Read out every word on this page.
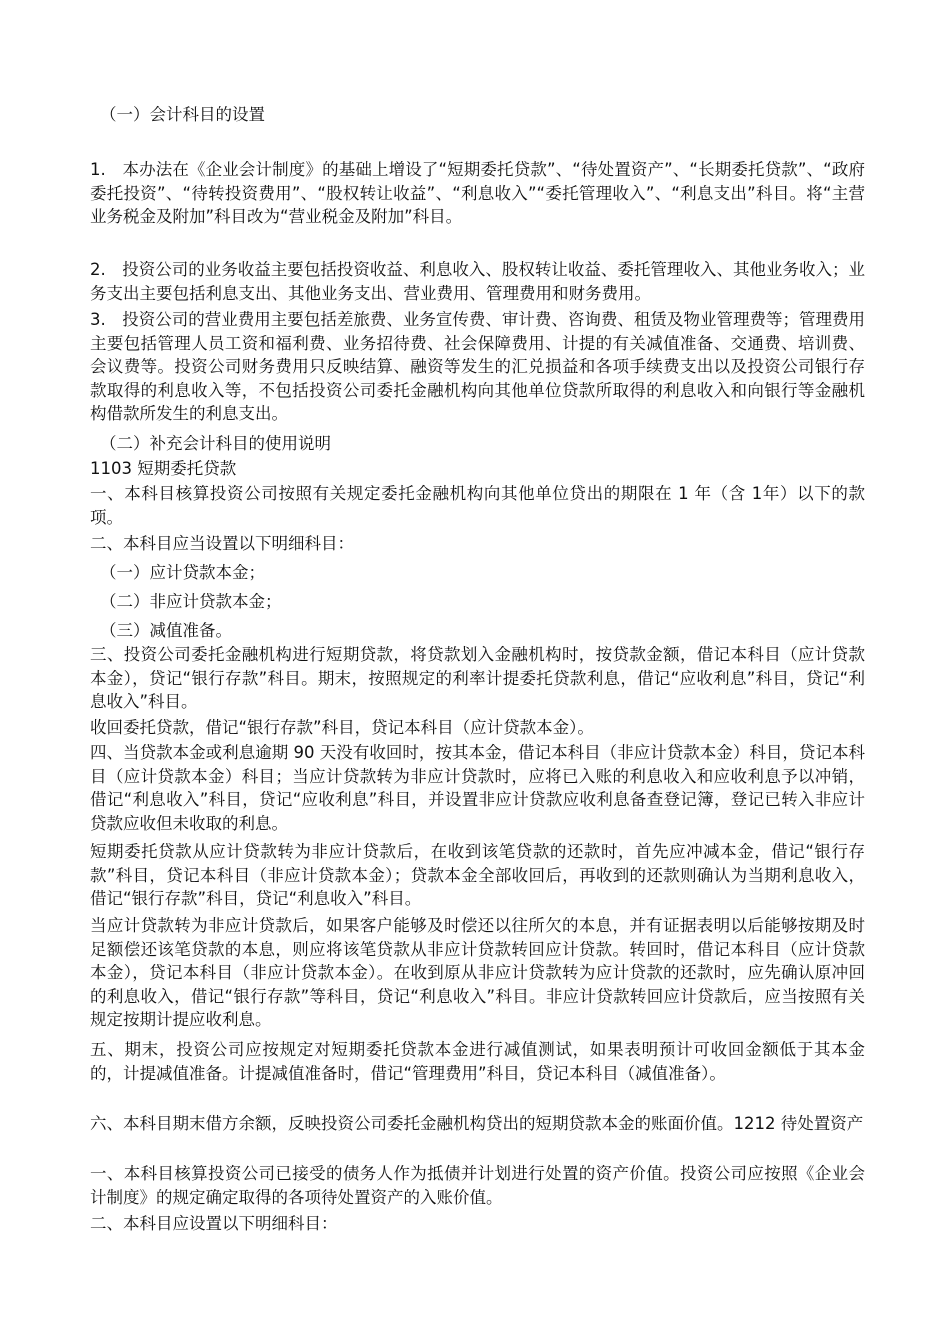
（一）会计科目的设置
1.　本办法在《企业会计制度》的基础上增设了“短期委托贷款”、“待处置资产”、“长期委托贷款”、“政府委托投资”、“待转投资费用”、“股权转让收益”、“利息收入”“委托管理收入”、“利息支出”科目。将“主营业务税金及附加”科目改为“营业税金及附加”科目。
2.　投资公司的业务收益主要包括投资收益、利息收入、股权转让收益、委托管理收入、其他业务收入；业务支出主要包括利息支出、其他业务支出、营业费用、管理费用和财务费用。
3.　投资公司的营业费用主要包括差旅费、业务宣传费、审计费、咨询费、租赁及物业管理费等；管理费用主要包括管理人员工资和福利费、业务招待费、社会保障费用、计提的有关减值准备、交通费、培训费、会议费等。投资公司财务费用只反映结算、融资等发生的汇兑损益和各项手续费支出以及投资公司银行存款取得的利息收入等，不包括投资公司委托金融机构向其他单位贷款所取得的利息收入和向银行等金融机构借款所发生的利息支出。
（二）补充会计科目的使用说明
1103 短期委托贷款
一、本科目核算投资公司按照有关规定委托金融机构向其他单位贷出的期限在 1 年（含 1年）以下的款项。
二、本科目应当设置以下明细科目：
（一）应计贷款本金；
（二）非应计贷款本金；
（三）减值准备。
三、投资公司委托金融机构进行短期贷款，将贷款划入金融机构时，按贷款金额，借记本科目（应计贷款本金），贷记“银行存款”科目。期末，按照规定的利率计提委托贷款利息，借记“应收利息”科目，贷记“利息收入”科目。
收回委托贷款，借记“银行存款”科目，贷记本科目（应计贷款本金）。
四、当贷款本金或利息逾期 90 天没有收回时，按其本金，借记本科目（非应计贷款本金）科目，贷记本科目（应计贷款本金）科目；当应计贷款转为非应计贷款时，应将已入账的利息收入和应收利息予以冲销，借记“利息收入”科目，贷记“应收利息”科目，并设置非应计贷款应收利息备查登记簿，登记已转入非应计贷款应收但未收取的利息。
短期委托贷款从应计贷款转为非应计贷款后，在收到该笔贷款的还款时，首先应冲减本金，借记“银行存款”科目，贷记本科目（非应计贷款本金）；贷款本金全部收回后，再收到的还款则确认为当期利息收入，借记“银行存款”科目，贷记“利息收入”科目。
当应计贷款转为非应计贷款后，如果客户能够及时偿还以往所欠的本息，并有证据表明以后能够按期及时足额偿还该笔贷款的本息，则应将该笔贷款从非应计贷款转回应计贷款。转回时，借记本科目（应计贷款本金），贷记本科目（非应计贷款本金）。在收到原从非应计贷款转为应计贷款的还款时，应先确认原冲回的利息收入，借记“银行存款”等科目，贷记“利息收入”科目。非应计贷款转回应计贷款后，应当按照有关规定按期计提应收利息。
五、期末，投资公司应按规定对短期委托贷款本金进行减值测试，如果表明预计可收回金额低于其本金的，计提减值准备。计提减值准备时，借记“管理费用”科目，贷记本科目（减值准备）。
六、本科目期末借方余额，反映投资公司委托金融机构贷出的短期贷款本金的账面价值。1212 待处置资产
一、本科目核算投资公司已接受的债务人作为抵债并计划进行处置的资产价值。投资公司应按照《企业会计制度》的规定确定取得的各项待处置资产的入账价值。
二、本科目应设置以下明细科目：
